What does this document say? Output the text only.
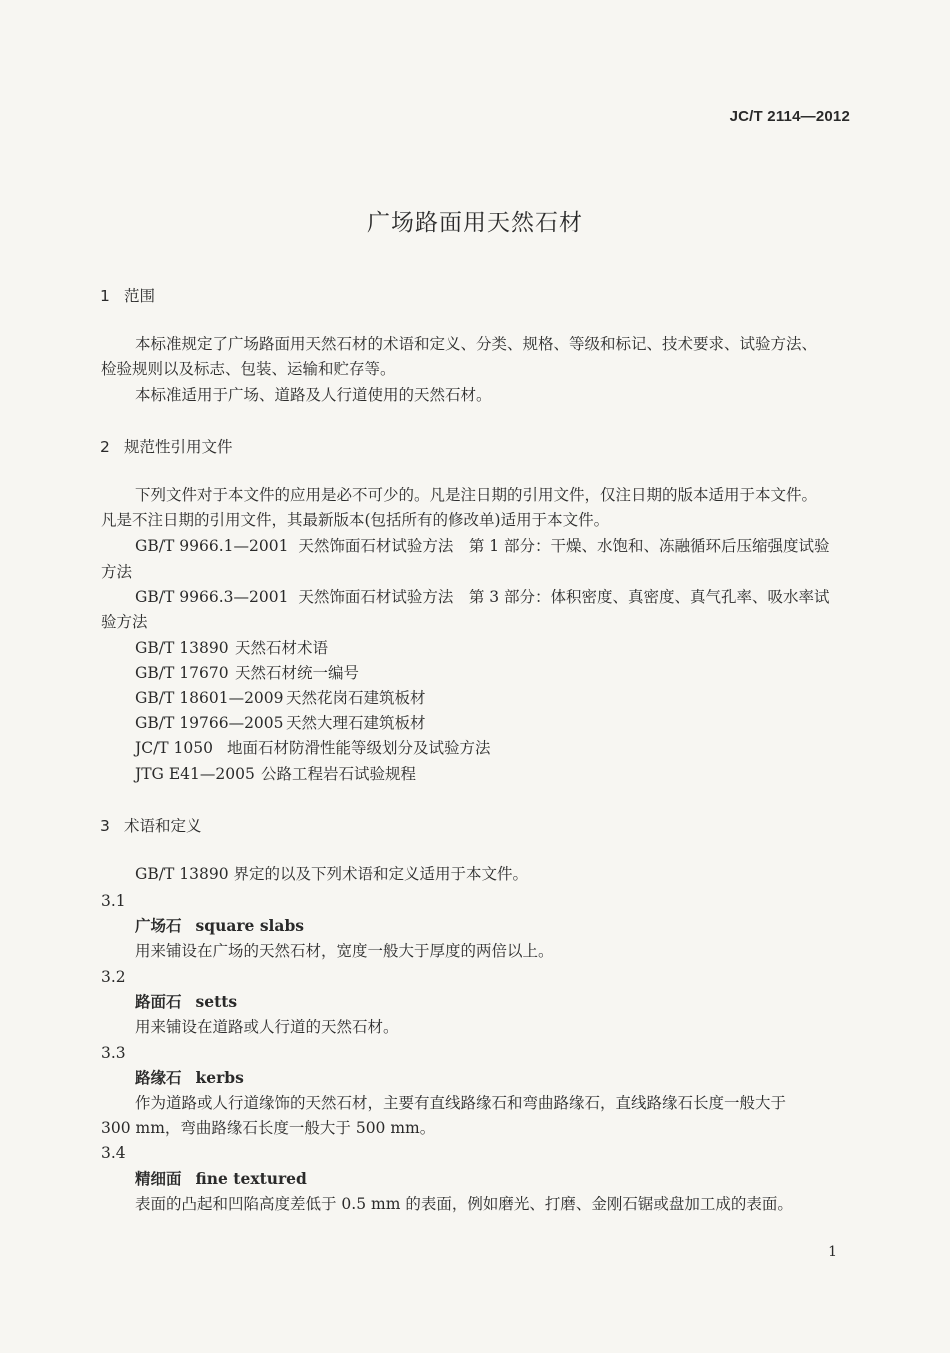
JC/T 2114—2012
广场路面用天然石材
1 范围
本标准规定了广场路面用天然石材的术语和定义、分类、规格、等级和标记、技术要求、试验方法、
检验规则以及标志、包装、运输和贮存等。
本标准适用于广场、道路及人行道使用的天然石材。
2 规范性引用文件
下列文件对于本文件的应用是必不可少的。凡是注日期的引用文件，仅注日期的版本适用于本文件。
凡是不注日期的引用文件，其最新版本(包括所有的修改单)适用于本文件。
GB/T 9966.1—2001 天然饰面石材试验方法　第 1 部分：干燥、水饱和、冻融循环后压缩强度试验
方法
GB/T 9966.3—2001 天然饰面石材试验方法　第 3 部分：体积密度、真密度、真气孔率、吸水率试
验方法
GB/T 13890 天然石材术语
GB/T 17670 天然石材统一编号
GB/T 18601—2009 天然花岗石建筑板材
GB/T 19766—2005 天然大理石建筑板材
JC/T 1050 地面石材防滑性能等级划分及试验方法
JTG E41—2005 公路工程岩石试验规程
3 术语和定义
GB/T 13890 界定的以及下列术语和定义适用于本文件。
3.1
广场石 square slabs
用来铺设在广场的天然石材，宽度一般大于厚度的两倍以上。
3.2
路面石 setts
用来铺设在道路或人行道的天然石材。
3.3
路缘石 kerbs
作为道路或人行道缘饰的天然石材，主要有直线路缘石和弯曲路缘石，直线路缘石长度一般大于
300 mm，弯曲路缘石长度一般大于 500 mm。
3.4
精细面 fine textured
表面的凸起和凹陷高度差低于 0.5 mm 的表面，例如磨光、打磨、金刚石锯或盘加工成的表面。
1
